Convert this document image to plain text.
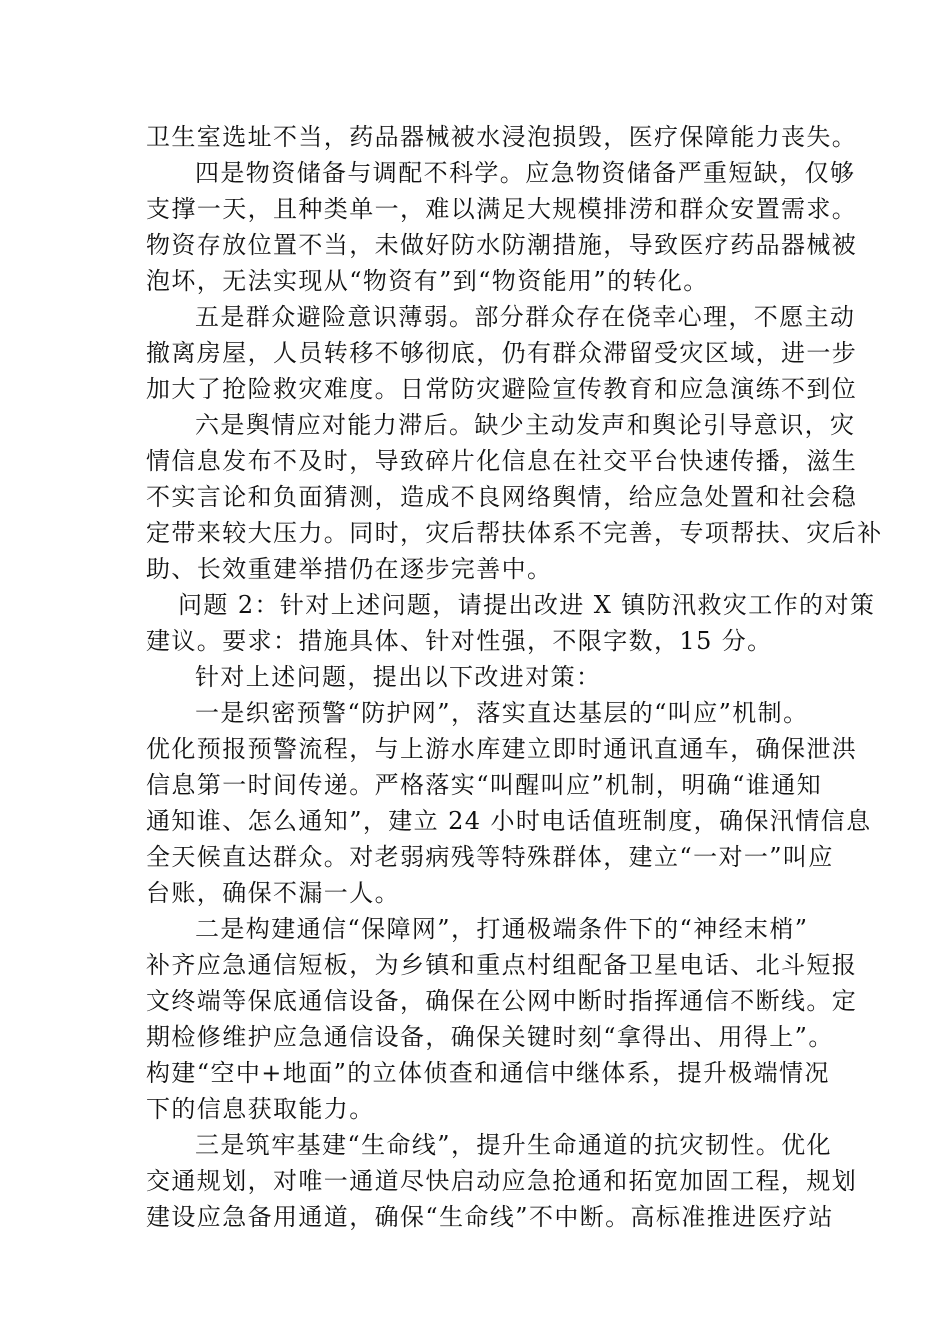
卫生室选址不当，药品器械被水浸泡损毁，医疗保障能力丧失。
四是物资储备与调配不科学。应急物资储备严重短缺，仅够
支撑一天，且种类单一，难以满足大规模排涝和群众安置需求。
物资存放位置不当，未做好防水防潮措施，导致医疗药品器械被
泡坏，无法实现从“物资有”到“物资能用”的转化。
五是群众避险意识薄弱。部分群众存在侥幸心理，不愿主动
撤离房屋，人员转移不够彻底，仍有群众滞留受灾区域，进一步
加大了抢险救灾难度。日常防灾避险宣传教育和应急演练不到位
六是舆情应对能力滞后。缺少主动发声和舆论引导意识，灾
情信息发布不及时，导致碎片化信息在社交平台快速传播，滋生
不实言论和负面猜测，造成不良网络舆情，给应急处置和社会稳
定带来较大压力。同时，灾后帮扶体系不完善，专项帮扶、灾后补
助、长效重建举措仍在逐步完善中。
问题 2：针对上述问题，请提出改进 X 镇防汛救灾工作的对策
建议。要求：措施具体、针对性强，不限字数，15 分。
针对上述问题，提出以下改进对策：
一是织密预警“防护网”，落实直达基层的“叫应”机制。
优化预报预警流程，与上游水库建立即时通讯直通车，确保泄洪
信息第一时间传递。严格落实“叫醒叫应”机制，明确“谁通知
通知谁、怎么通知”，建立 24 小时电话值班制度，确保汛情信息
全天候直达群众。对老弱病残等特殊群体，建立“一对一”叫应
台账，确保不漏一人。
二是构建通信“保障网”，打通极端条件下的“神经末梢”
补齐应急通信短板，为乡镇和重点村组配备卫星电话、北斗短报
文终端等保底通信设备，确保在公网中断时指挥通信不断线。定
期检修维护应急通信设备，确保关键时刻“拿得出、用得上”。
构建“空中+地面”的立体侦查和通信中继体系，提升极端情况
下的信息获取能力。
三是筑牢基建“生命线”，提升生命通道的抗灾韧性。优化
交通规划，对唯一通道尽快启动应急抢通和拓宽加固工程，规划
建设应急备用通道，确保“生命线”不中断。高标准推进医疗站
